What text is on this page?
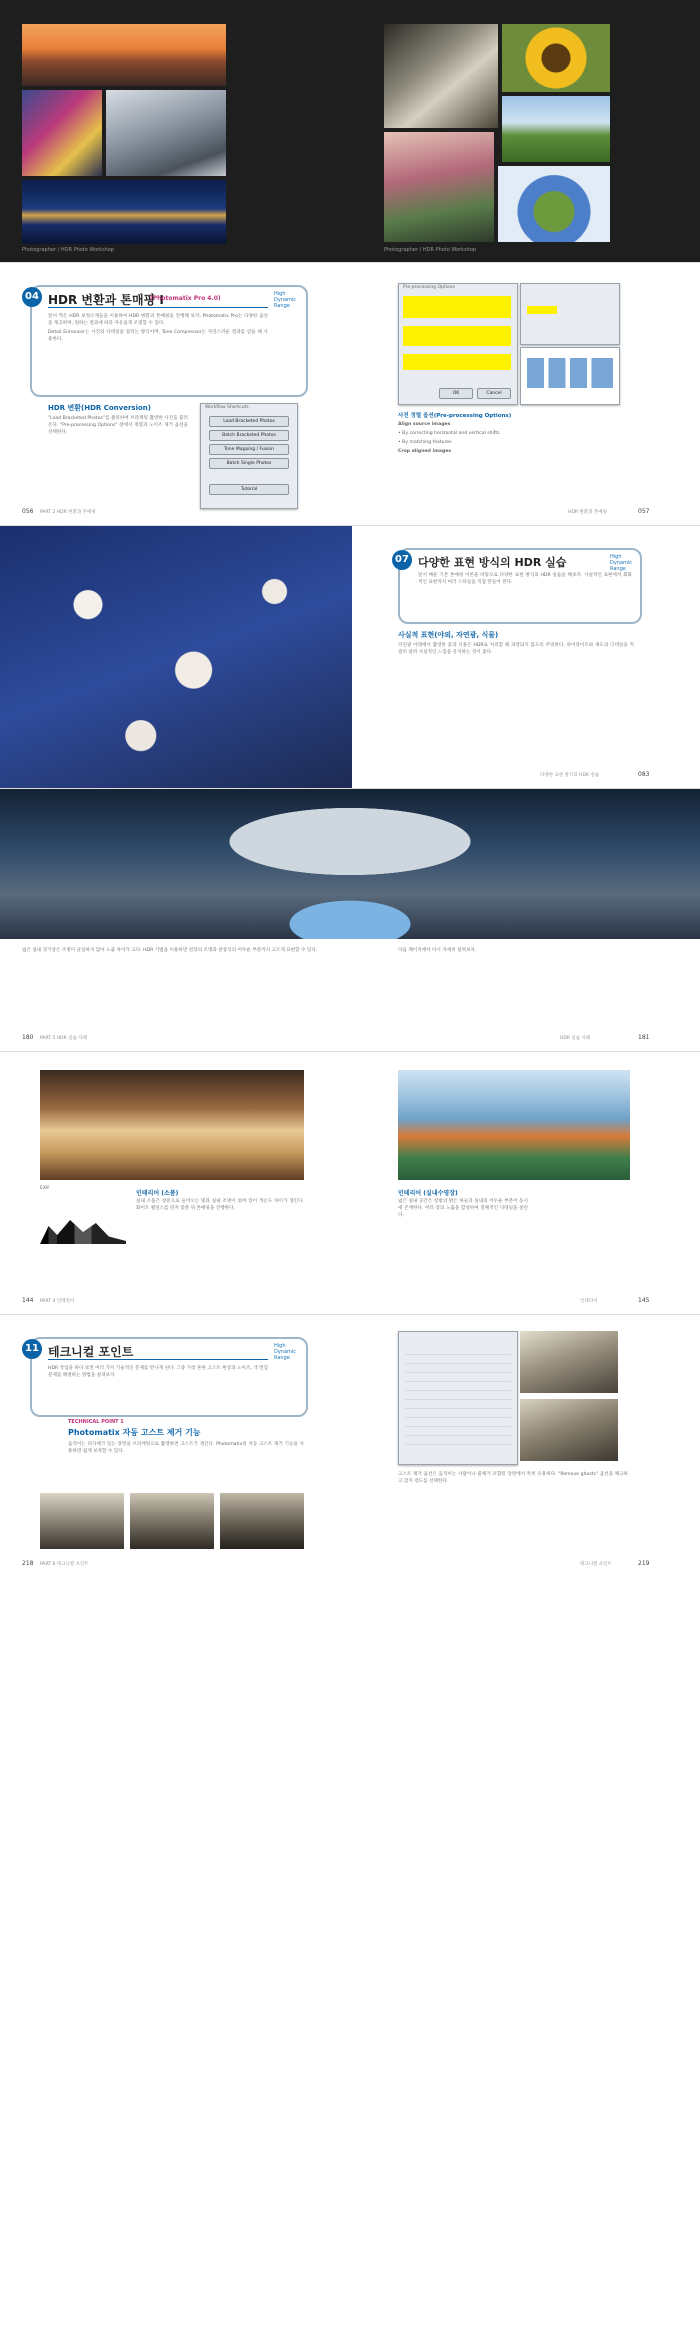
Photographer / HDR Photo Workshop	Photographer / HDR Photo Workshop
04 HDR 변환과 톤매핑 I
(Photomatix Pro 4.0)
High Dynamic Range

앞서 찍은 HDR 보정소재들을 이용하여 HDR 변환과 톤매핑을 진행해 보자. Photomatix Pro는 다양한 옵션을 제공하며, 원하는 결과에 따라 자유롭게 조절할 수 있다.

Detail Enhancer는 사진의 디테일을 살리는 방식이며, Tone Compressor는 자연스러운 결과를 얻을 때 사용한다.

HDR 변환(HDR Conversion)
"Load Bracketed Photos"를 클릭하여 브라케팅 촬영한 사진을 불러온다. "Pre-processing Options" 창에서 정렬과 노이즈 제거 옵션을 선택한다.
Workflow Shortcuts
Load Bracketed Photos
Batch Bracketed Photos
Tone Mapping / Fusion
Batch Single Photos
Tutorial
PART 2 HDR 변환과 톤매핑
056
Pre-processing Options
OK	Cancel
사전 정렬 옵션(Pre-processing Options)

Align source images

• By correcting horizontal and vertical shifts

• By matching features

Crop aligned images

HDR 변환과 톤매핑	057
07 다양한 표현 방식의 HDR 실습	High Dynamic Range
앞서 배운 기본 톤매핑 이론을 바탕으로 다양한 표현 방식의 HDR 실습을 해보자. 사실적인 표현에서 회화적인 표현까지 여러 스타일을 직접 만들어 본다.
사실적 표현(야외, 자연광, 식물)
자연광 아래에서 촬영한 꽃과 식물은 HDR로 처리할 때 과장되지 않도록 주의한다. 하이라이트와 섀도의 디테일을 적절히 살려 사실적인 느낌을 유지하는 것이 좋다.
다양한 표현 방식의 HDR 실습	083
넓은 실내 경기장은 조명이 균일하지 않아 노출 차이가 크다. HDR 기법을 이용하면 천장의 조명과 관중석의 어두운 부분까지 고르게 표현할 수 있다.	다음 페이지에서 다시 자세히 살펴보자.
180 PART 5 HDR 실습 사례	HDR 실습 사례	181
EXIF
인테리어 (소품)
실내 소품은 창문으로 들어오는 빛과 실내 조명이 섞여 있어 색온도 차이가 생긴다. 화이트 밸런스를 먼저 맞춘 뒤 톤매핑을 진행한다.
인테리어 (실내수영장)
넓은 실내 공간은 창밖의 밝은 하늘과 실내의 어두운 부분이 동시에 존재한다. 여러 장의 노출을 합성하여 전체적인 디테일을 살린다.
144 PART 4 인테리어	인테리어	145
11 테크니컬 포인트	High Dynamic Range
HDR 작업을 하다 보면 여러 가지 기술적인 문제를 만나게 된다. 그중 가장 흔한 고스트 현상과 노이즈, 색 번짐 문제를 해결하는 방법을 살펴보자.
TECHNICAL POINT 1
Photomatix 자동 고스트 제거 기능
움직이는 피사체가 있는 장면을 브라케팅으로 촬영하면 고스트가 생긴다. Photomatix의 자동 고스트 제거 기능을 사용하면 쉽게 보정할 수 있다.
218 PART 6 테크니컬 포인트
고스트 제거 옵션은 움직이는 사람이나 물체가 포함된 장면에서 특히 유용하다. "Remove ghosts" 옵션을 체크하고 감지 강도를 선택한다.
테크니컬 포인트	219
